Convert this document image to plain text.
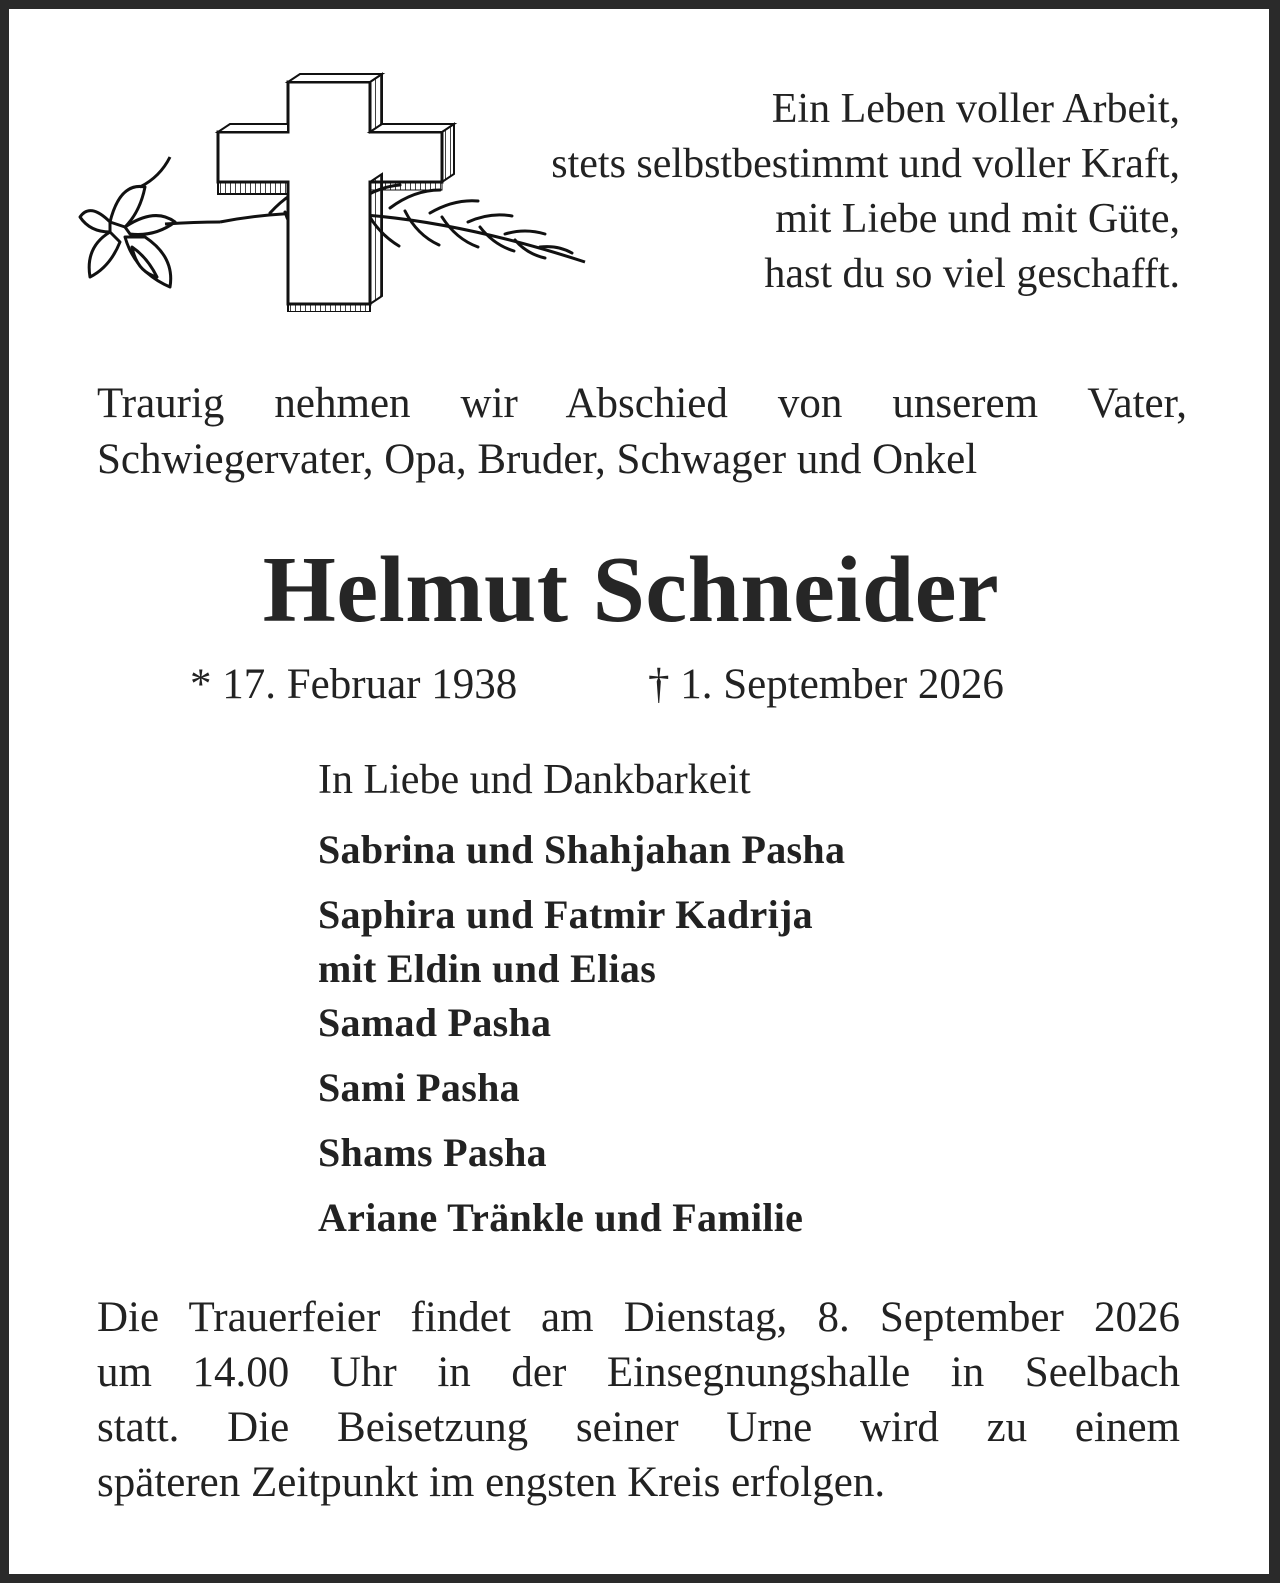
Ein Leben voller Arbeit,
stets selbstbestimmt und voller Kraft,
mit Liebe und mit Güte,
hast du so viel geschafft.
Traurig nehmen wir Abschied von unserem Vater,
Schwiegervater, Opa, Bruder, Schwager und Onkel
Helmut Schneider
* 17. Februar 1938	† 1. September 2026
In Liebe und Dankbarkeit
Sabrina und Shahjahan Pasha
Saphira und Fatmir Kadrija
mit Eldin und Elias
Samad Pasha
Sami Pasha
Shams Pasha
Ariane Tränkle und Familie
Die Trauerfeier findet am Dienstag, 8. September 2026
um 14.00 Uhr in der Einsegnungshalle in Seelbach
statt. Die Beisetzung seiner Urne wird zu einem
späteren Zeitpunkt im engsten Kreis erfolgen.
